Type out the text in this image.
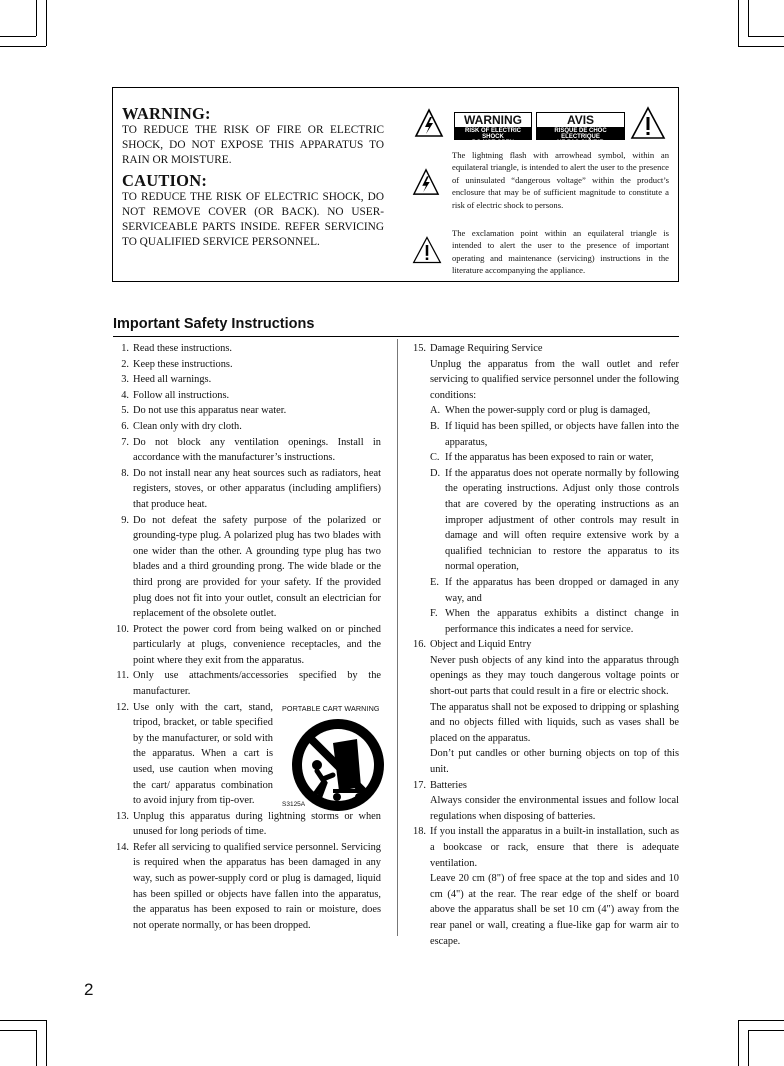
WARNING:
TO REDUCE THE RISK OF FIRE OR ELECTRIC SHOCK, DO NOT EXPOSE THIS APPARATUS TO RAIN OR MOISTURE.
CAUTION:
TO REDUCE THE RISK OF ELECTRIC SHOCK, DO NOT REMOVE COVER (OR BACK). NO USER-SERVICEABLE PARTS INSIDE. REFER SERVICING TO QUALIFIED SERVICE PERSONNEL.
WARNING
RISK OF ELECTRIC SHOCK
DO NOT OPEN
AVIS
RISQUE DE CHOC ELECTRIQUE
NE PAS OUVRIR
The lightning flash with arrowhead symbol, within an equilateral triangle, is intended to alert the user to the presence of uninsulated “dangerous voltage” within the product’s enclosure that may be of sufficient magnitude to constitute a risk of electric shock to persons.
The exclamation point within an equilateral triangle is intended to alert the user to the presence of important operating and maintenance (servicing) instructions in the literature accompanying the appliance.
Important Safety Instructions
1. Read these instructions.
2. Keep these instructions.
3. Heed all warnings.
4. Follow all instructions.
5. Do not use this apparatus near water.
6. Clean only with dry cloth.
7. Do not block any ventilation openings. Install in accordance with the manufacturer’s instructions.
8. Do not install near any heat sources such as radiators, heat registers, stoves, or other apparatus (including amplifiers) that produce heat.
9. Do not defeat the safety purpose of the polarized or grounding-type plug. A polarized plug has two blades with one wider than the other. A grounding type plug has two blades and a third grounding prong. The wide blade or the third prong are provided for your safety. If the provided plug does not fit into your outlet, consult an electrician for replacement of the obsolete outlet.
10. Protect the power cord from being walked on or pinched particularly at plugs, convenience receptacles, and the point where they exit from the apparatus.
11. Only use attachments/accessories specified by the manufacturer.
12. Use only with the cart, stand, tripod, bracket, or table specified by the manufacturer, or sold with the apparatus. When a cart is used, use caution when moving the cart/ apparatus combination to avoid injury from tip-over.
13. Unplug this apparatus during lightning storms or when unused for long periods of time.
14. Refer all servicing to qualified service personnel. Servicing is required when the apparatus has been damaged in any way, such as power-supply cord or plug is damaged, liquid has been spilled or objects have fallen into the apparatus, the apparatus has been exposed to rain or moisture, does not operate normally, or has been dropped.
PORTABLE CART WARNING
S3125A
15. Damage Requiring Service
Unplug the apparatus from the wall outlet and refer servicing to qualified service personnel under the following conditions:
A. When the power-supply cord or plug is damaged,
B. If liquid has been spilled, or objects have fallen into the apparatus,
C. If the apparatus has been exposed to rain or water,
D. If the apparatus does not operate normally by following the operating instructions. Adjust only those controls that are covered by the operating instructions as an improper adjustment of other controls may result in damage and will often require extensive work by a qualified technician to restore the apparatus to its normal operation,
E. If the apparatus has been dropped or damaged in any way, and
F. When the apparatus exhibits a distinct change in performance this indicates a need for service.
16. Object and Liquid Entry
Never push objects of any kind into the apparatus through openings as they may touch dangerous voltage points or short-out parts that could result in a fire or electric shock.
The apparatus shall not be exposed to dripping or splashing and no objects filled with liquids, such as vases shall be placed on the apparatus.
Don’t put candles or other burning objects on top of this unit.
17. Batteries
Always consider the environmental issues and follow local regulations when disposing of batteries.
18. If you install the apparatus in a built-in installation, such as a bookcase or rack, ensure that there is adequate ventilation.
Leave 20 cm (8") of free space at the top and sides and 10 cm (4") at the rear. The rear edge of the shelf or board above the apparatus shall be set 10 cm (4") away from the rear panel or wall, creating a flue-like gap for warm air to escape.
2
